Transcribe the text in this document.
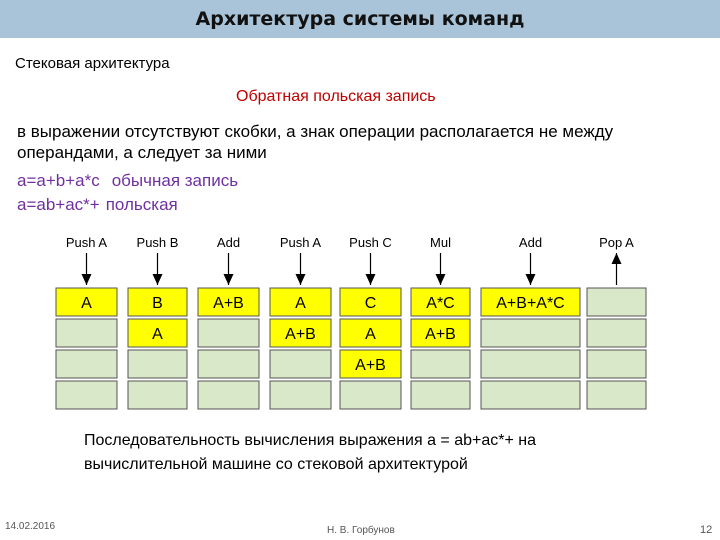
Архитектура системы команд
Стековая архитектура
Обратная польская запись
в выражении отсутствуют скобки, а знак операции располагается не между операндами, а следует за ними
a=a+b+a*c обычная запись
a=ab+ac*+ польская
Push A
A
Push B
B
A
Add
A+B
Push A
A
A+B
Push C
C
A
A+B
Mul
A*C
A+B
Add
A+B+A*C
Pop A
Последовательность вычисления выражения a = ab+ac*+ на вычислительной машине со стековой архитектурой
14.02.2016	Н. В. Горбунов	12
